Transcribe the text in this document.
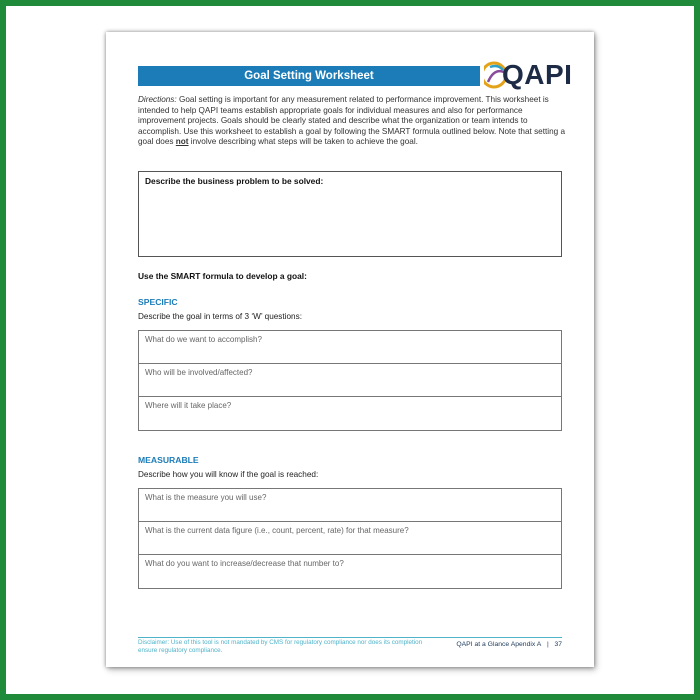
Goal Setting Worksheet	QAPI
Directions: Goal setting is important for any measurement related to performance improvement. This worksheet is intended to help QAPI teams establish appropriate goals for individual measures and also for performance improvement projects. Goals should be clearly stated and describe what the organization or team intends to accomplish. Use this worksheet to establish a goal by following the SMART formula outlined below. Note that setting a goal does not involve describing what steps will be taken to achieve the goal.
Describe the business problem to be solved:
Use the SMART formula to develop a goal:
SPECIFIC
Describe the goal in terms of 3 ‘W’ questions:
What do we want to accomplish?
Who will be involved/affected?
Where will it take place?
MEASURABLE
Describe how you will know if the goal is reached:
What is the measure you will use?
What is the current data figure (i.e., count, percent, rate) for that measure?
What do you want to increase/decrease that number to?
Disclaimer: Use of this tool is not mandated by CMS for regulatory compliance nor does its completion ensure regulatory compliance.
QAPI at a Glance Apendix A | 37
